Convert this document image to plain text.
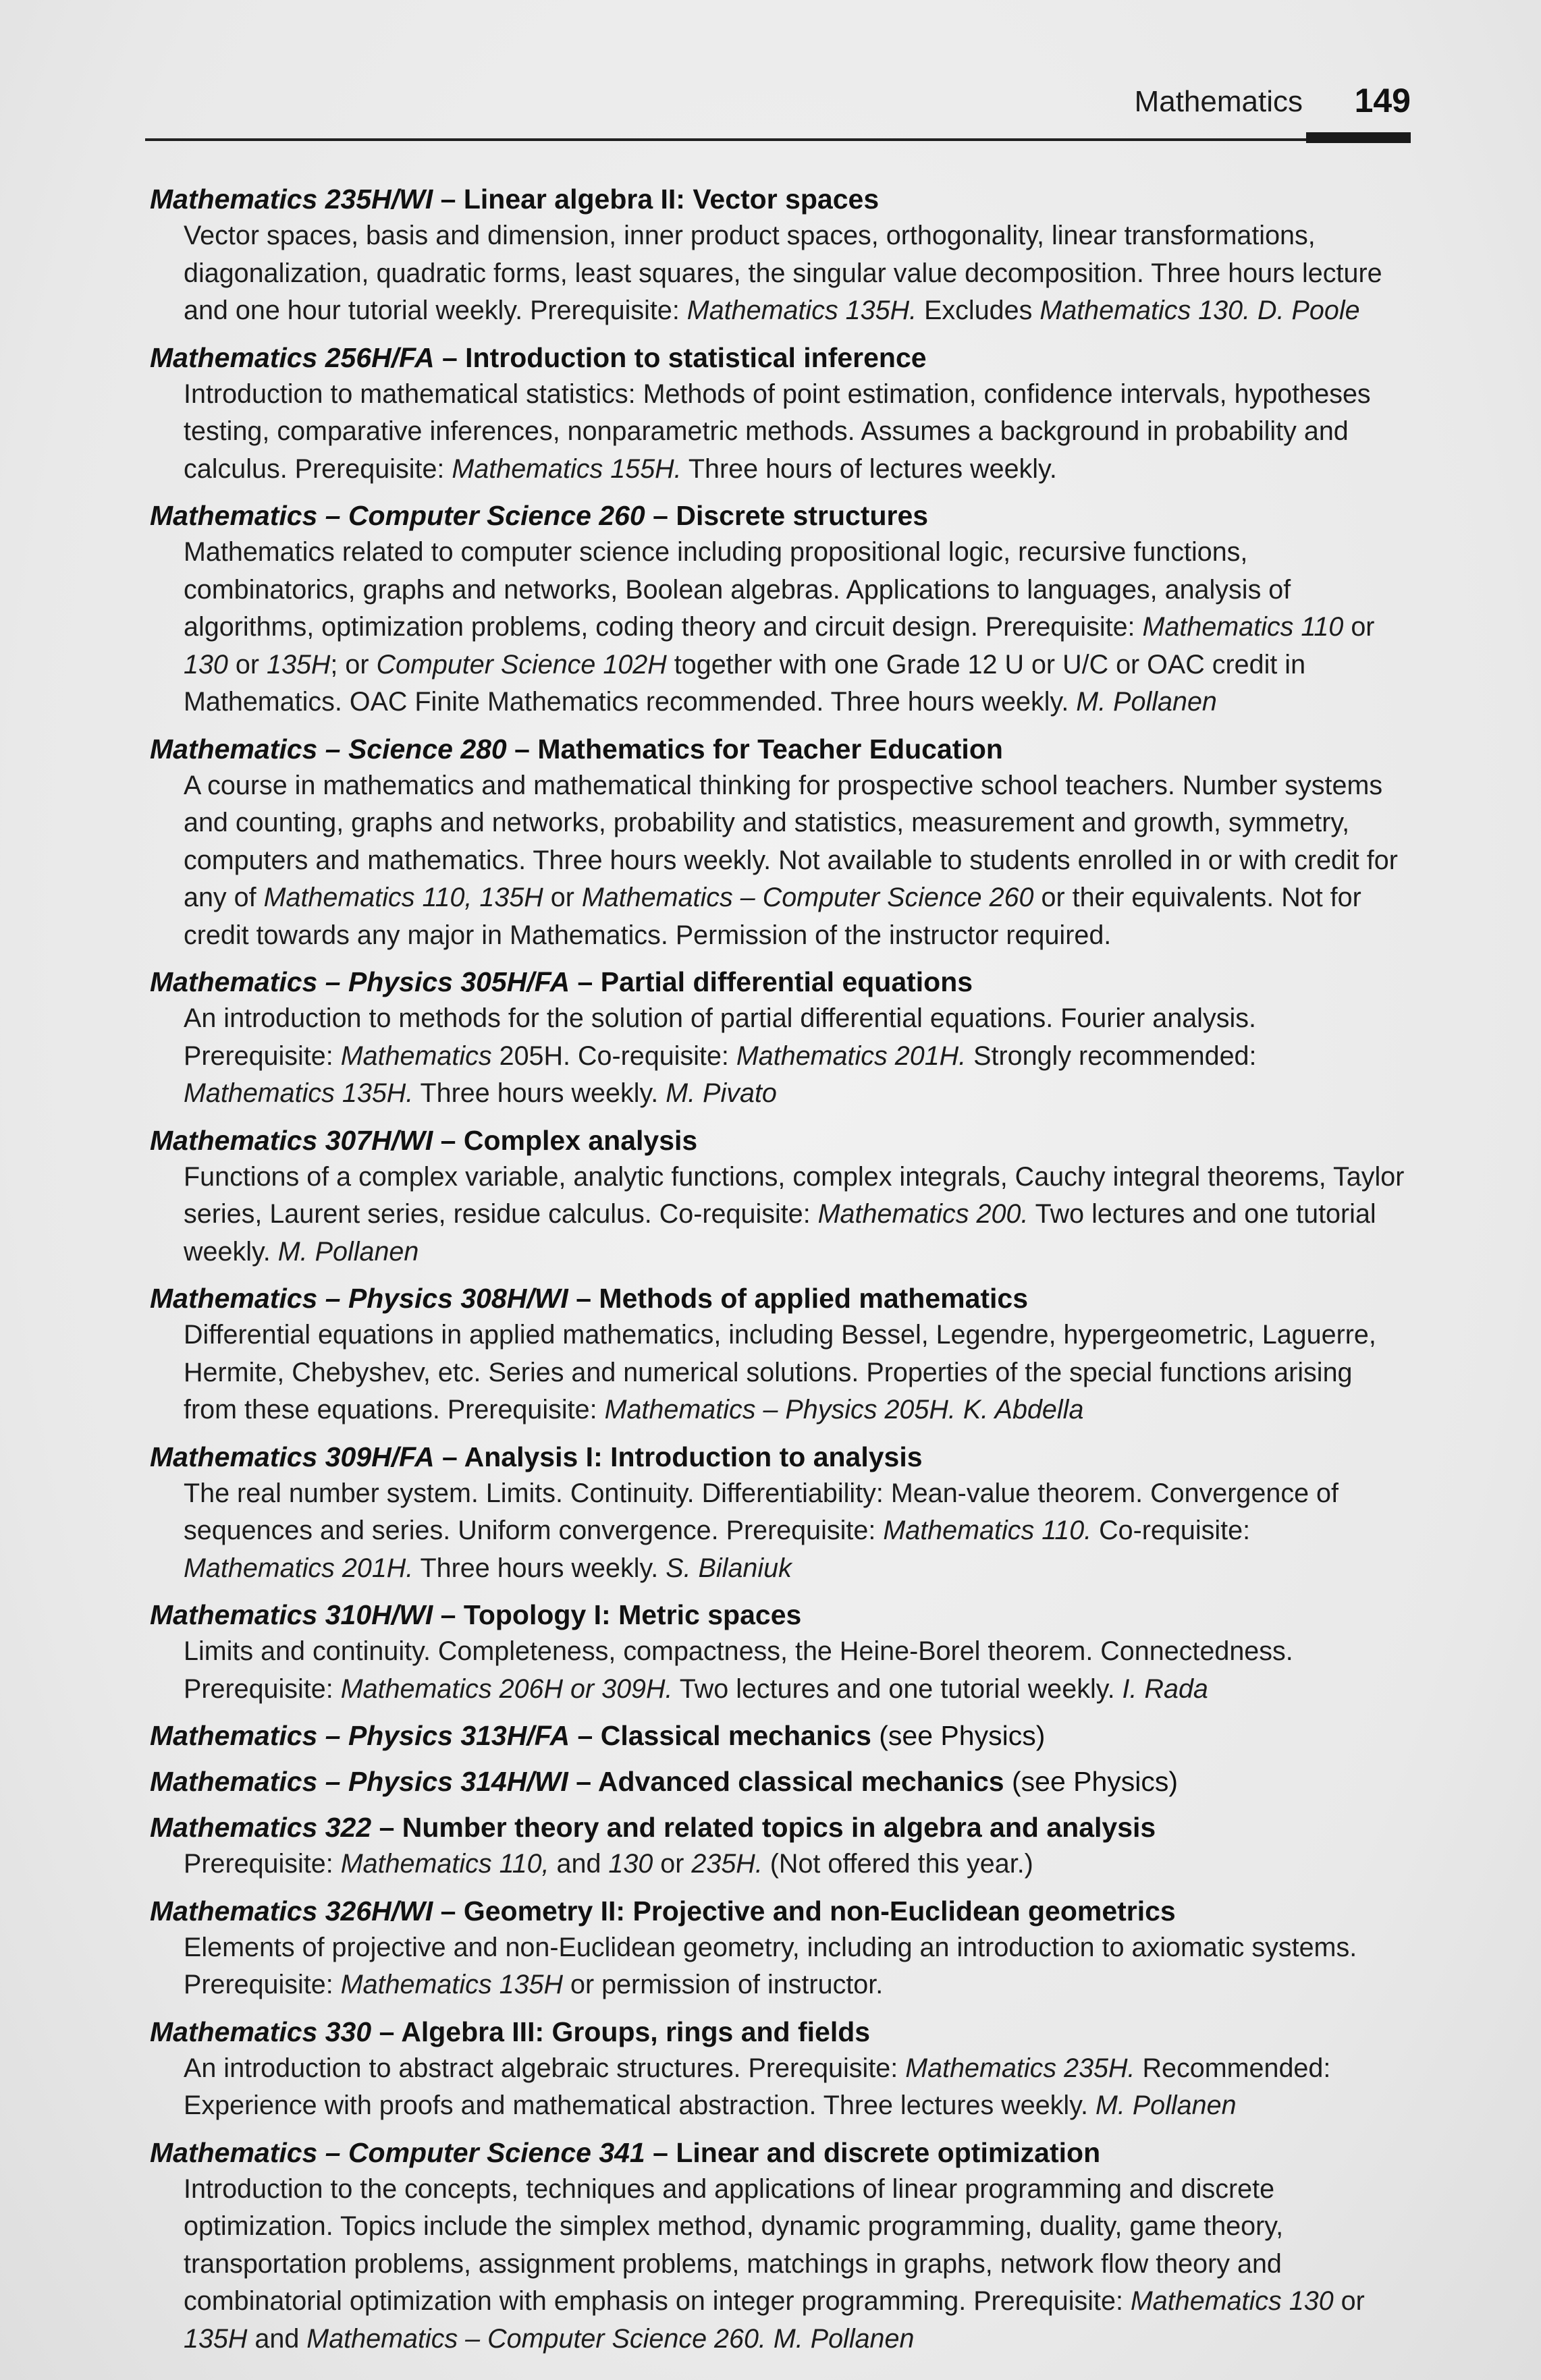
Mathematics 149
Mathematics 235H/WI – Linear algebra II: Vector spaces
Vector spaces, basis and dimension, inner product spaces, orthogonality, linear transformations, diagonalization, quadratic forms, least squares, the singular value decomposition. Three hours lecture and one hour tutorial weekly. Prerequisite: Mathematics 135H. Excludes Mathematics 130. D. Poole
Mathematics 256H/FA – Introduction to statistical inference
Introduction to mathematical statistics: Methods of point estimation, confidence intervals, hypotheses testing, comparative inferences, nonparametric methods. Assumes a background in probability and calculus. Prerequisite: Mathematics 155H. Three hours of lectures weekly.
Mathematics – Computer Science 260 – Discrete structures
Mathematics related to computer science including propositional logic, recursive functions, combinatorics, graphs and networks, Boolean algebras. Applications to languages, analysis of algorithms, optimization problems, coding theory and circuit design. Prerequisite: Mathematics 110 or 130 or 135H; or Computer Science 102H together with one Grade 12 U or U/C or OAC credit in Mathematics. OAC Finite Mathematics recommended. Three hours weekly. M. Pollanen
Mathematics – Science 280 – Mathematics for Teacher Education
A course in mathematics and mathematical thinking for prospective school teachers. Number systems and counting, graphs and networks, probability and statistics, measurement and growth, symmetry, computers and mathematics. Three hours weekly. Not available to students enrolled in or with credit for any of Mathematics 110, 135H or Mathematics – Computer Science 260 or their equivalents. Not for credit towards any major in Mathematics. Permission of the instructor required.
Mathematics – Physics 305H/FA – Partial differential equations
An introduction to methods for the solution of partial differential equations. Fourier analysis. Prerequisite: Mathematics 205H. Co-requisite: Mathematics 201H. Strongly recommended: Mathematics 135H. Three hours weekly. M. Pivato
Mathematics 307H/WI – Complex analysis
Functions of a complex variable, analytic functions, complex integrals, Cauchy integral theorems, Taylor series, Laurent series, residue calculus. Co-requisite: Mathematics 200. Two lectures and one tutorial weekly. M. Pollanen
Mathematics – Physics 308H/WI – Methods of applied mathematics
Differential equations in applied mathematics, including Bessel, Legendre, hypergeometric, Laguerre, Hermite, Chebyshev, etc. Series and numerical solutions. Properties of the special functions arising from these equations. Prerequisite: Mathematics – Physics 205H. K. Abdella
Mathematics 309H/FA – Analysis I: Introduction to analysis
The real number system. Limits. Continuity. Differentiability: Mean-value theorem. Convergence of sequences and series. Uniform convergence. Prerequisite: Mathematics 110. Co-requisite: Mathematics 201H. Three hours weekly. S. Bilaniuk
Mathematics 310H/WI – Topology I: Metric spaces
Limits and continuity. Completeness, compactness, the Heine-Borel theorem. Connectedness. Prerequisite: Mathematics 206H or 309H. Two lectures and one tutorial weekly. I. Rada
Mathematics – Physics 313H/FA – Classical mechanics (see Physics)
Mathematics – Physics 314H/WI – Advanced classical mechanics (see Physics)
Mathematics 322 – Number theory and related topics in algebra and analysis
Prerequisite: Mathematics 110, and 130 or 235H. (Not offered this year.)
Mathematics 326H/WI – Geometry II: Projective and non-Euclidean geometrics
Elements of projective and non-Euclidean geometry, including an introduction to axiomatic systems. Prerequisite: Mathematics 135H or permission of instructor.
Mathematics 330 – Algebra III: Groups, rings and fields
An introduction to abstract algebraic structures. Prerequisite: Mathematics 235H. Recommended: Experience with proofs and mathematical abstraction. Three lectures weekly. M. Pollanen
Mathematics – Computer Science 341 – Linear and discrete optimization
Introduction to the concepts, techniques and applications of linear programming and discrete optimization. Topics include the simplex method, dynamic programming, duality, game theory, transportation problems, assignment problems, matchings in graphs, network flow theory and combinatorial optimization with emphasis on integer programming. Prerequisite: Mathematics 130 or 135H and Mathematics – Computer Science 260. M. Pollanen
